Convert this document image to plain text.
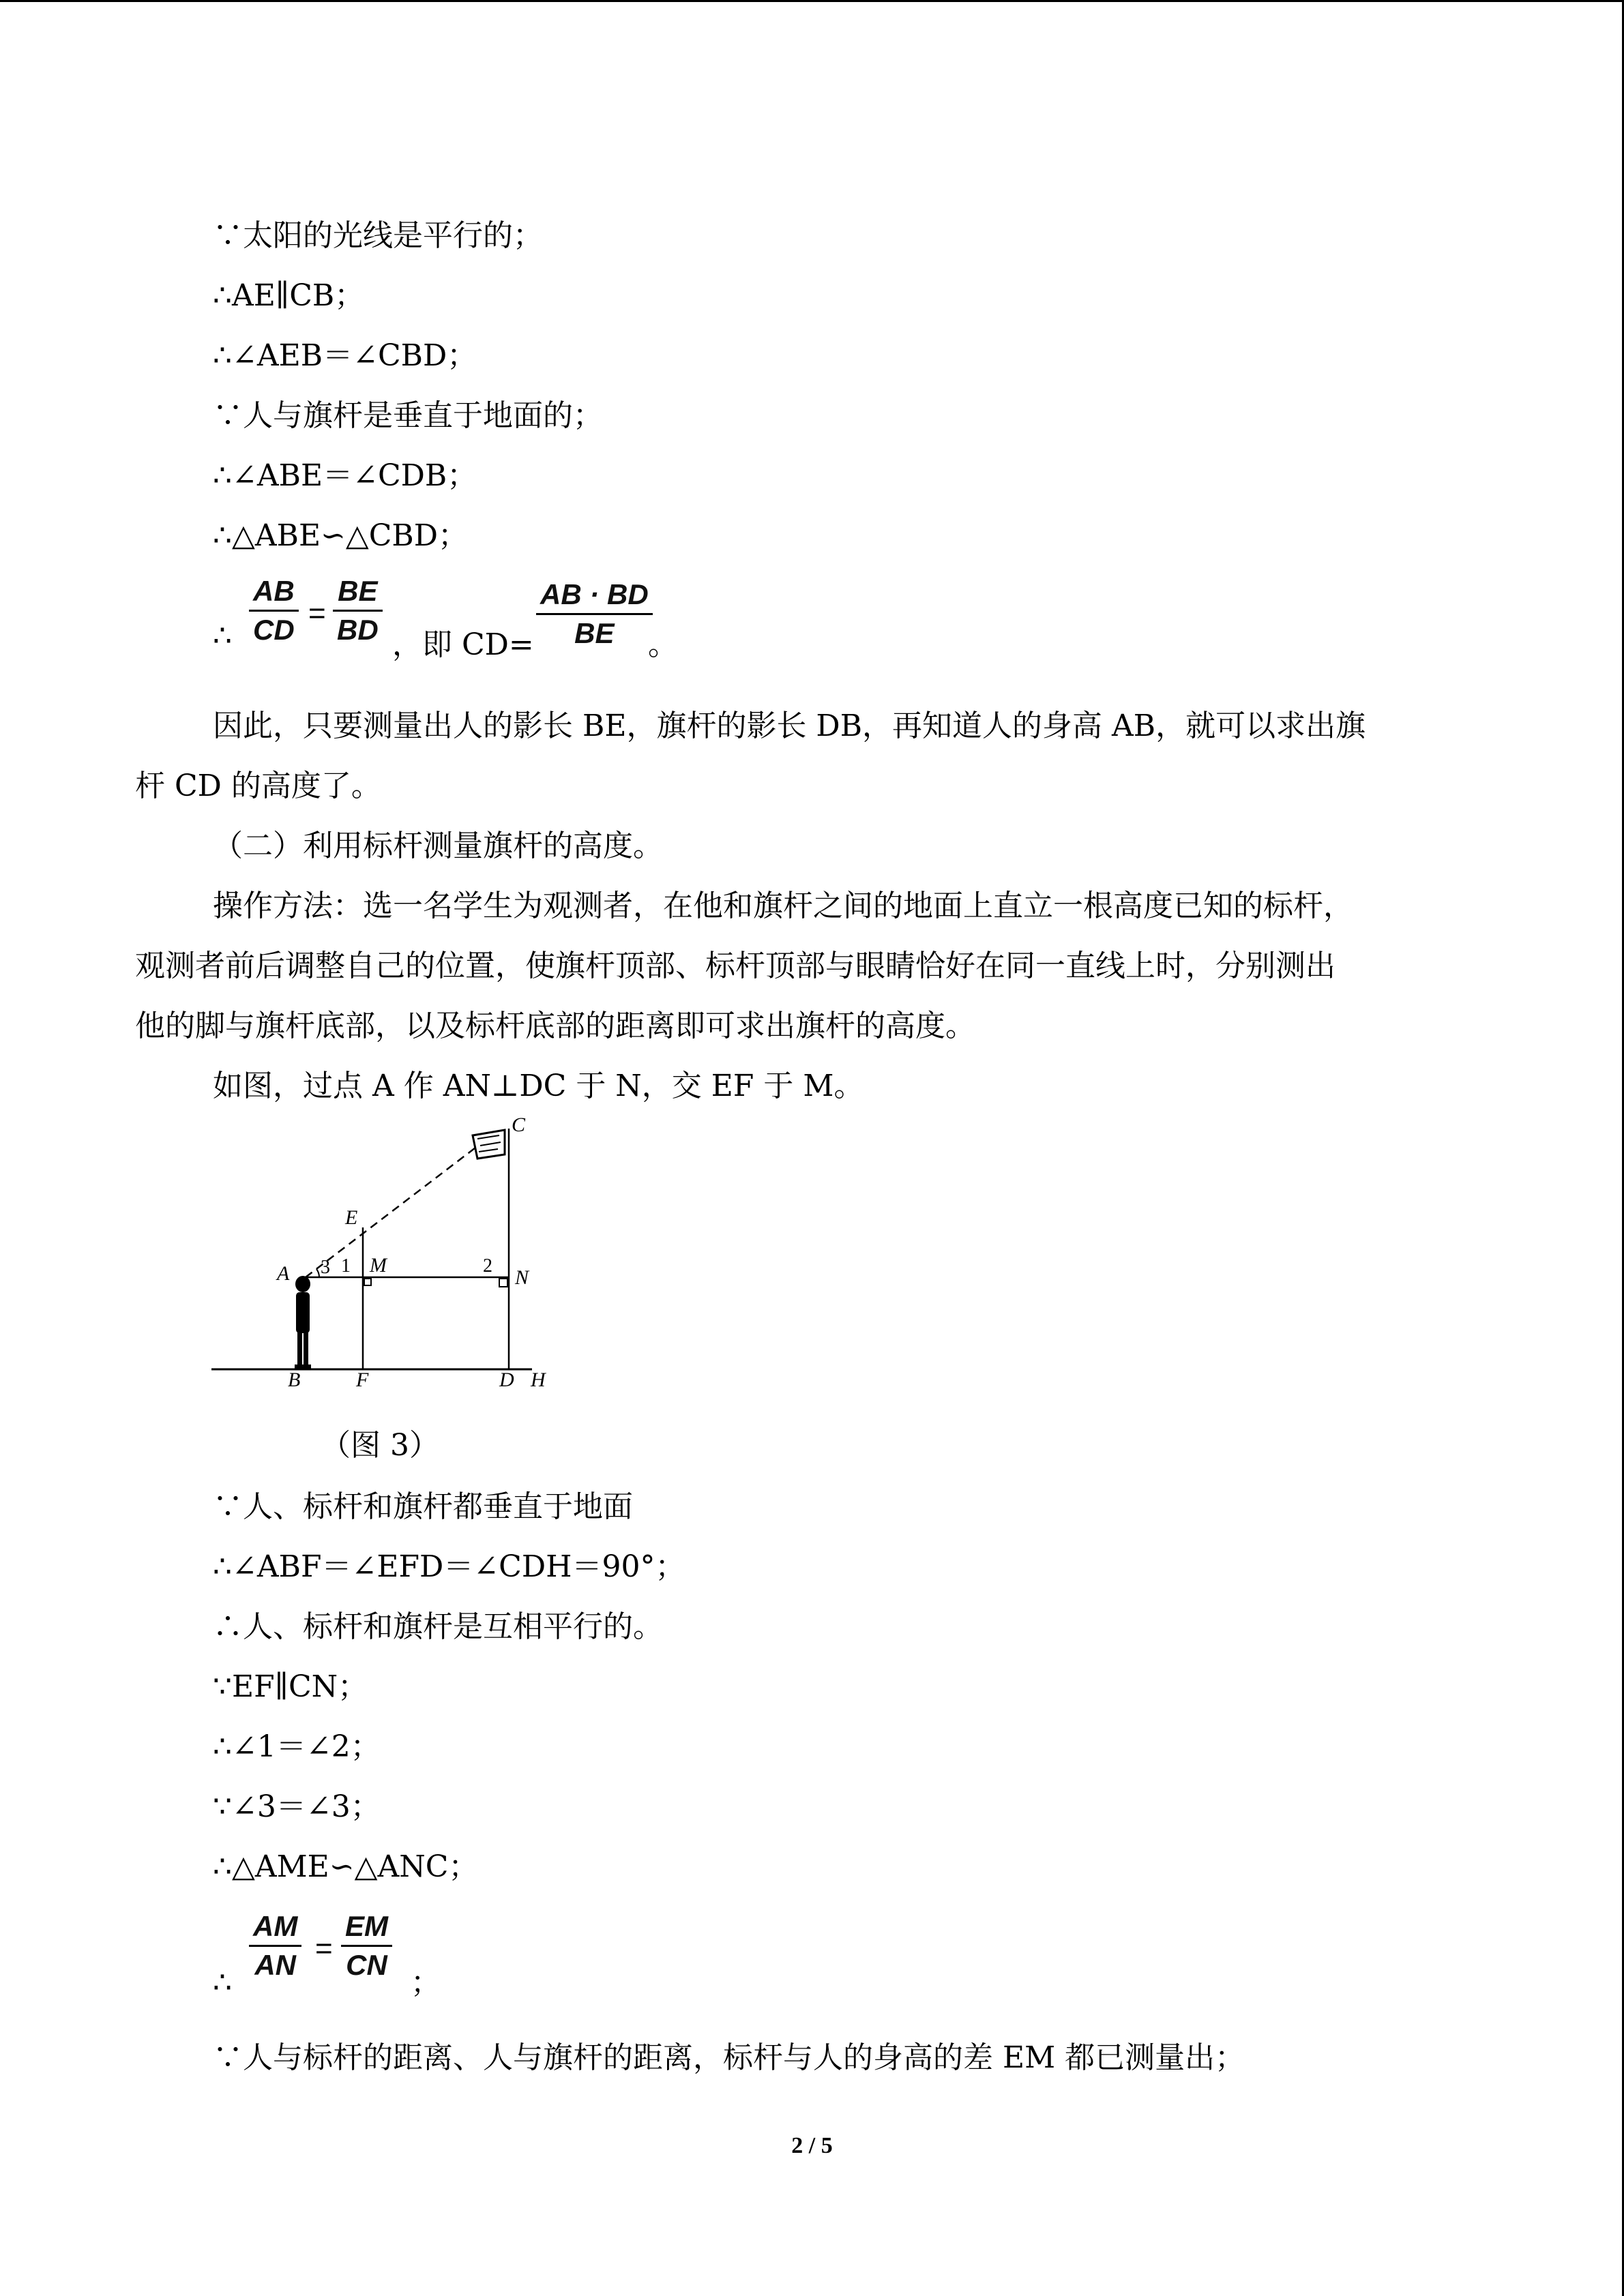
∵太阳的光线是平行的；
∴AE∥CB；
∴∠AEB＝∠CBD；
∵人与旗杆是垂直于地面的；
∴∠ABE＝∠CDB；
∴△ABE∽△CBD；
∴
AB
CD =
BE
BD ，即 CD=
AB · BD
BE 。
因此，只要测量出人的影长 BE，旗杆的影长 DB，再知道人的身高 AB，就可以求出旗
杆 CD 的高度了。
（二）利用标杆测量旗杆的高度。
操作方法：选一名学生为观测者，在他和旗杆之间的地面上直立一根高度已知的标杆，
观测者前后调整自己的位置，使旗杆顶部、标杆顶部与眼睛恰好在同一直线上时，分别测出
他的脚与旗杆底部，以及标杆底部的距离即可求出旗杆的高度。
如图，过点 A 作 AN⊥DC 于 N，交 EF 于 M。
C
E
A	M
N
B	F	D H
1	2
3
（图 3）
∵人、标杆和旗杆都垂直于地面
∴∠ABF＝∠EFD＝∠CDH＝90°；
∴人、标杆和旗杆是互相平行的。
∵EF∥CN；
∴∠1＝∠2；
∵∠3＝∠3；
∴△AME∽△ANC；
∴
AM
AN =
EM
CN
；
∵人与标杆的距离、人与旗杆的距离，标杆与人的身高的差 EM 都已测量出；
2 / 5
